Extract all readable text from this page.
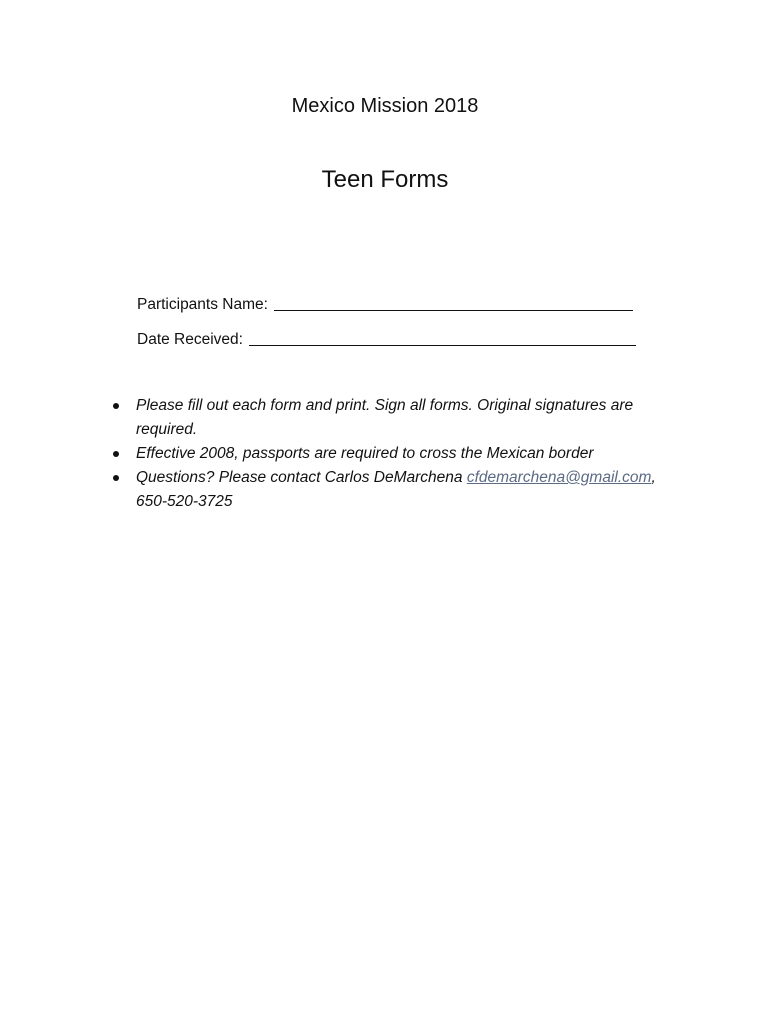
Mexico Mission 2018
Teen Forms
Participants Name:
Date Received:
Please fill out each form and print. Sign all forms. Original signatures are required.
Effective 2008, passports are required to cross the Mexican border
Questions? Please contact Carlos DeMarchena cfdemarchena@gmail.com, 650-520-3725
